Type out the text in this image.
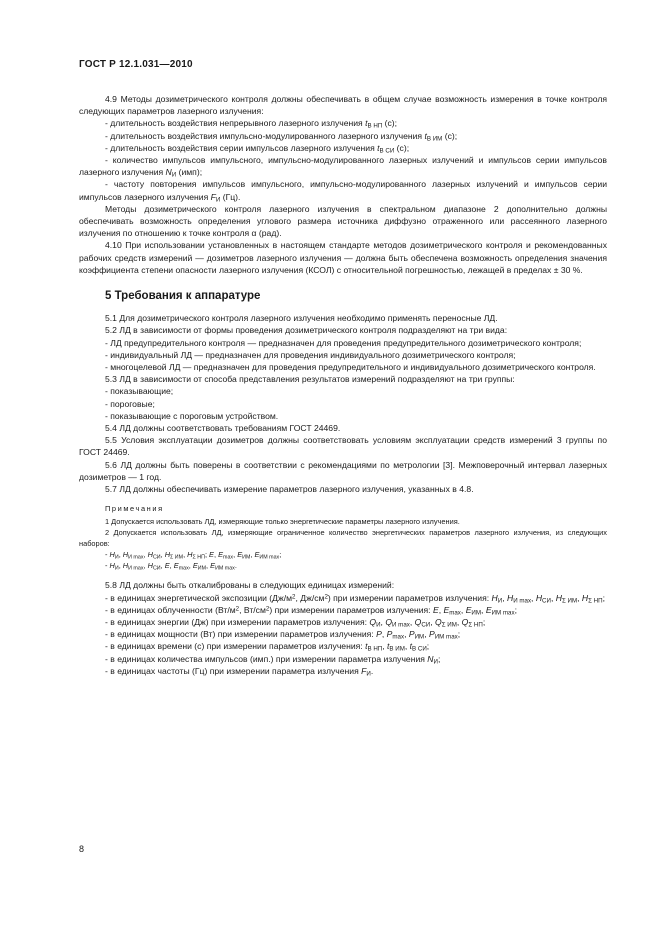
ГОСТ Р 12.1.031—2010

4.9 Методы дозиметрического контроля должны обеспечивать в общем случае возможность измерения в точке контроля следующих параметров лазерного излучения:

- длительность воздействия непрерывного лазерного излучения $t_{В НП}$ (с);

- длительность воздействия импульсно-модулированного лазерного излучения $t_{В ИМ}$ (с);

- длительность воздействия серии импульсов лазерного излучения $t_{В СИ}$ (с);

- количество импульсов импульсного, импульсно-модулированного лазерных излучений и импульсов серии импульсов лазерного излучения $N_И$ (имп);

- частоту повторения импульсов импульсного, импульсно-модулированного лазерных излучений и импульсов серии импульсов лазерного излучения $F_И$ (Гц).

Методы дозиметрического контроля лазерного излучения в спектральном диапазоне 2 дополнительно должны обеспечивать возможность определения углового размера источника диффузно отраженного или рассеянного лазерного излучения по отношению к точке контроля α (рад).

4.10 При использовании установленных в настоящем стандарте методов дозиметрического контроля и рекомендованных рабочих средств измерений — дозиметров лазерного излучения — должна быть обеспечена возможность определения значения коэффициента степени опасности лазерного излучения (КСОЛ) с относительной погрешностью, лежащей в пределах ± 30 %.

5 Требования к аппаратуре

5.1 Для дозиметрического контроля лазерного излучения необходимо применять переносные ЛД.

5.2 ЛД в зависимости от формы проведения дозиметрического контроля подразделяют на три вида:

- ЛД предупредительного контроля — предназначен для проведения предупредительного дозиметрического контроля;

- индивидуальный ЛД — предназначен для проведения индивидуального дозиметрического контроля;

- многоцелевой ЛД — предназначен для проведения предупредительного и индивидуального дозиметрического контроля.

5.3 ЛД в зависимости от способа представления результатов измерений подразделяют на три группы:

- показывающие;

- пороговые;

- показывающие с пороговым устройством.

5.4 ЛД должны соответствовать требованиям ГОСТ 24469.

5.5 Условия эксплуатации дозиметров должны соответствовать условиям эксплуатации средств измерений 3 группы по ГОСТ 24469.

5.6 ЛД должны быть поверены в соответствии с рекомендациями по метрологии [3]. Межповерочный интервал лазерных дозиметров — 1 год.

5.7 ЛД должны обеспечивать измерение параметров лазерного излучения, указанных в 4.8.

Примечания

1 Допускается использовать ЛД, измеряющие только энергетические параметры лазерного излучения.

2 Допускается использовать ЛД, измеряющие ограниченное количество энергетических параметров лазерного излучения, из следующих наборов:

- $H_И$, $H_{И max}$, $H_{СИ}$, $H_{\Sigma ИМ}$, $H_{\Sigma НП}$; E, $E_{max}$, $E_{ИМ}$, $E_{ИМ max}$;

- $H_И$, $H_{И max}$, $H_{СИ}$, E, $E_{max}$, $E_{ИМ}$, $E_{ИМ max}$.

5.8 ЛД должны быть откалиброваны в следующих единицах измерений:

- в единицах энергетической экспозиции ($Дж/м^2$, $Дж/см^2$) при измерении параметров излучения: $H_И$, $H_{И max}$, $H_{СИ}$, $H_{\Sigma ИМ}$, $H_{\Sigma НП}$;

- в единицах облученности ($Вт/м^2$, $Вт/см^2$) при измерении параметров излучения: E, $E_{max}$, $E_{ИМ}$, $E_{ИМ max}$;

- в единицах энергии (Дж) при измерении параметров излучения: $Q_И$, $Q_{И max}$, $Q_{СИ}$, $Q_{\Sigma ИМ}$, $Q_{\Sigma НП}$;

- в единицах мощности (Вт) при измерении параметров излучения: P, $P_{max}$, $P_{ИМ}$, $P_{ИМ max}$;

- в единицах времени (с) при измерении параметров излучения: $t_{В НП}$, $t_{В ИМ}$, $t_{В СИ}$;

- в единицах количества импульсов (имп.) при измерении параметра излучения $N_И$;

- в единицах частоты (Гц) при измерении параметра излучения $F_И$.

8
